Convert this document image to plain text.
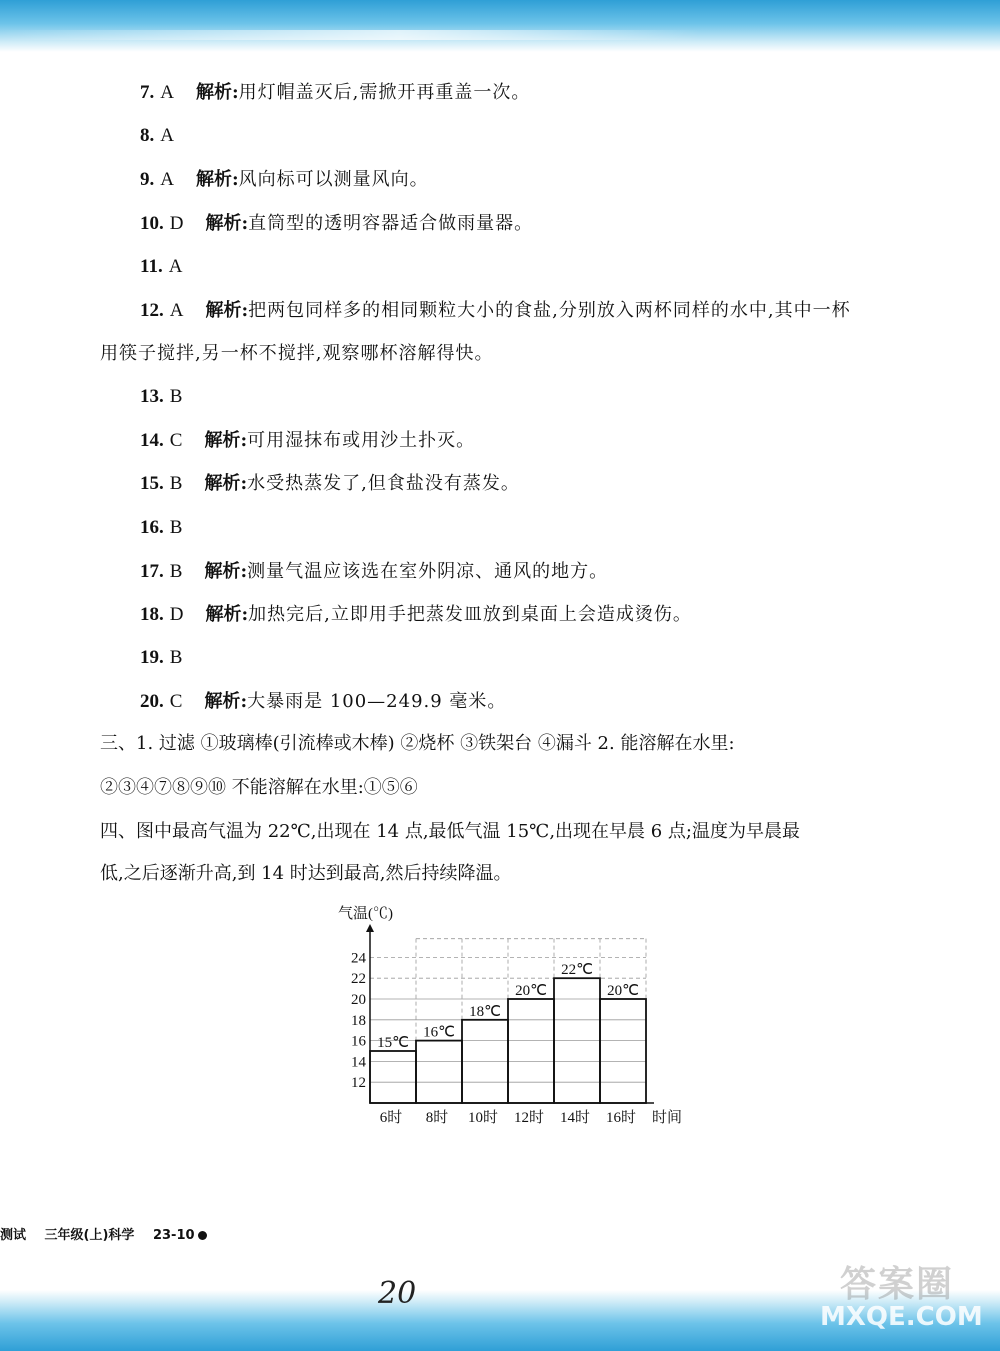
7. A 解析:用灯帽盖灭后,需掀开再重盖一次。
8. A
9. A 解析:风向标可以测量风向。
10. D 解析:直筒型的透明容器适合做雨量器。
11. A
12. A 解析:把两包同样多的相同颗粒大小的食盐,分别放入两杯同样的水中,其中一杯
用筷子搅拌,另一杯不搅拌,观察哪杯溶解得快。
13. B
14. C 解析:可用湿抹布或用沙土扑灭。
15. B 解析:水受热蒸发了,但食盐没有蒸发。
16. B
17. B 解析:测量气温应该选在室外阴凉、通风的地方。
18. D 解析:加热完后,立即用手把蒸发皿放到桌面上会造成烫伤。
19. B
20. C 解析:大暴雨是 100—249.9 毫米。
三、1. 过滤 ①玻璃棒(引流棒或木棒) ②烧杯 ③铁架台 ④漏斗 2. 能溶解在水里:
②③④⑦⑧⑨⑩ 不能溶解在水里:①⑤⑥
四、图中最高气温为 22℃,出现在 14 点,最低气温 15℃,出现在早晨 6 点;温度为早晨最
低,之后逐渐升高,到 14 时达到最高,然后持续降温。
气温(℃)
12
14
16
18
20
22
24
15℃
6时
16℃
8时
18℃
10时
20℃
12时
22℃
14时
20℃
16时 时间
测试 三年级(上)科学 23-10
20	答案圈
MXQE.COM
